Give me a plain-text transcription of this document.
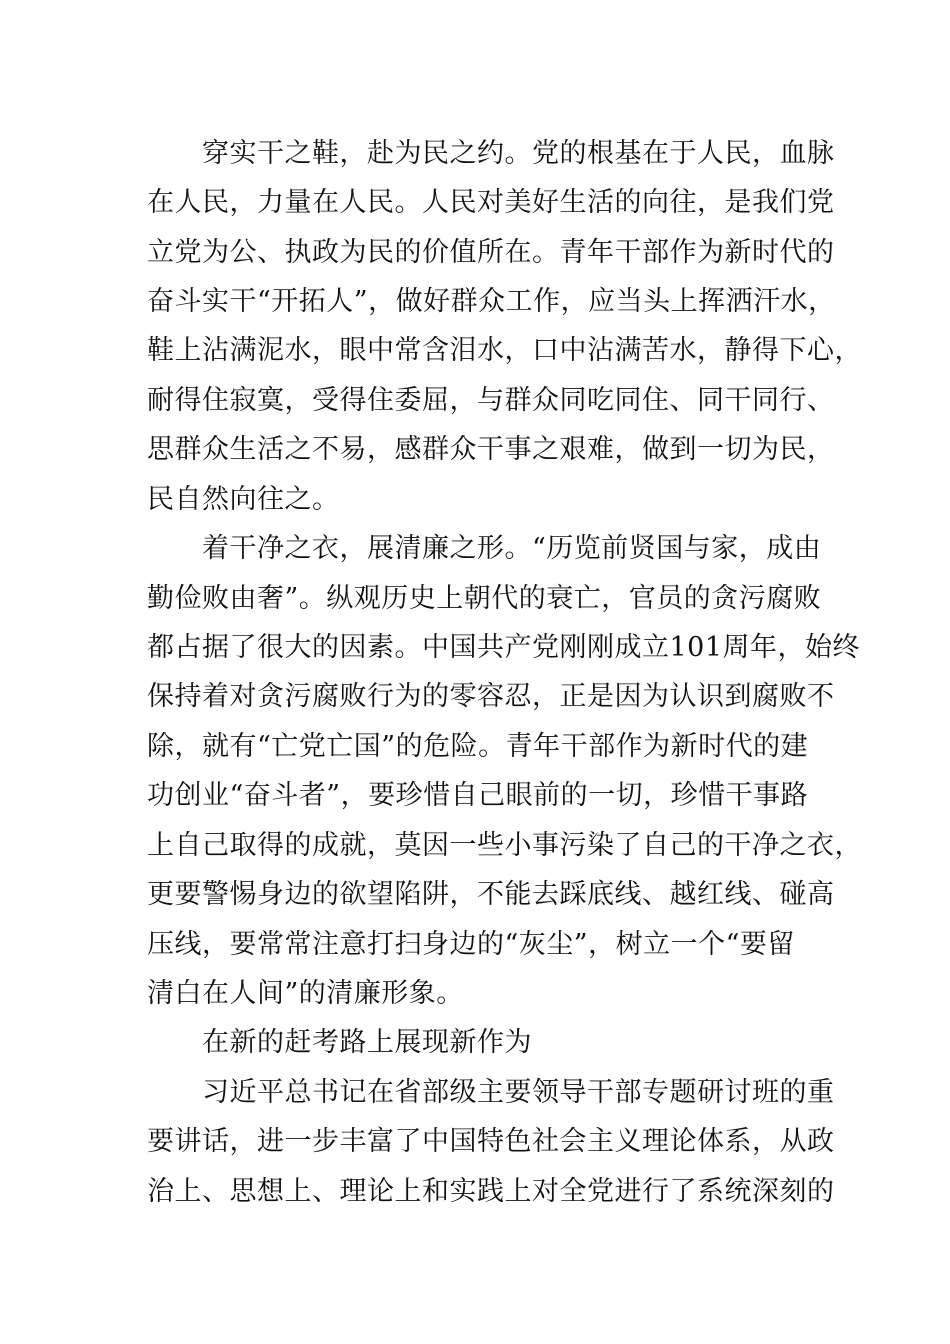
　　穿实干之鞋，赴为民之约。党的根基在于人民，血脉
在人民，力量在人民。人民对美好生活的向往，是我们党
立党为公、执政为民的价值所在。青年干部作为新时代的
奋斗实干“开拓人”，做好群众工作，应当头上挥洒汗水，
鞋上沾满泥水，眼中常含泪水，口中沾满苦水，静得下心，
耐得住寂寞，受得住委屈，与群众同吃同住、同干同行、
思群众生活之不易，感群众干事之艰难，做到一切为民，
民自然向往之。
　　着干净之衣，展清廉之形。“历览前贤国与家，成由
勤俭败由奢”。纵观历史上朝代的衰亡，官员的贪污腐败
都占据了很大的因素。中国共产党刚刚成立101周年，始终
保持着对贪污腐败行为的零容忍，正是因为认识到腐败不
除，就有“亡党亡国”的危险。青年干部作为新时代的建
功创业“奋斗者”，要珍惜自己眼前的一切，珍惜干事路
上自己取得的成就，莫因一些小事污染了自己的干净之衣，
更要警惕身边的欲望陷阱，不能去踩底线、越红线、碰高
压线，要常常注意打扫身边的“灰尘”，树立一个“要留
清白在人间”的清廉形象。
　　在新的赶考路上展现新作为
　　习近平总书记在省部级主要领导干部专题研讨班的重
要讲话，进一步丰富了中国特色社会主义理论体系，从政
治上、思想上、理论上和实践上对全党进行了系统深刻的
